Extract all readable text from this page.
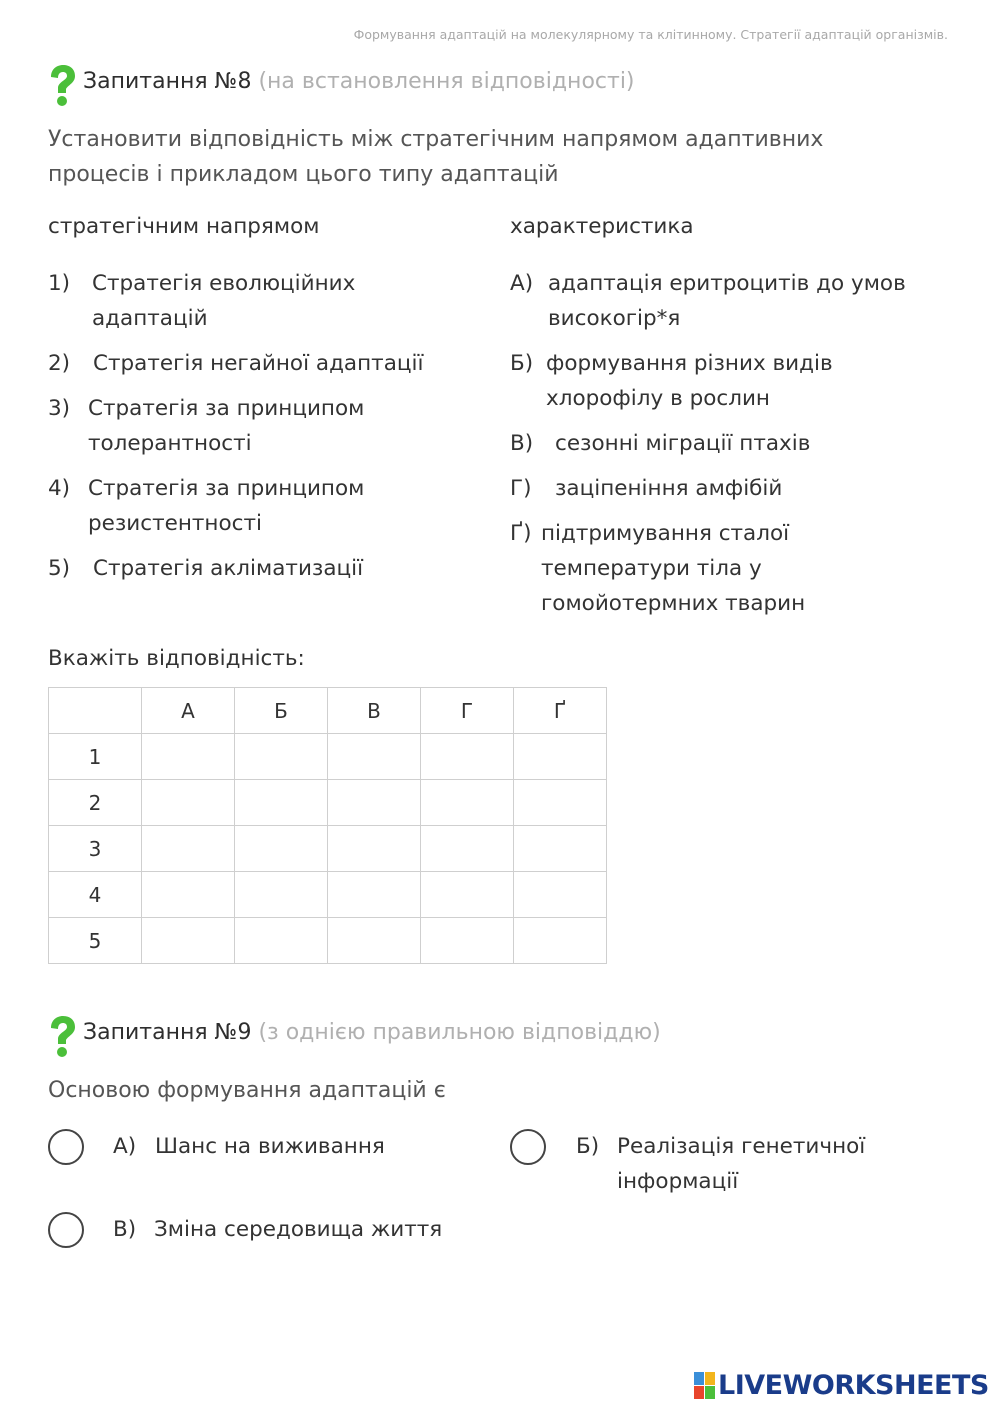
Формування адаптацій на молекулярному та клітинному. Стратегії адаптацій організмів.
Запитання №8 (на встановлення відповідності)
Установити відповідність між стратегічним напрямом адаптивних
процесів і прикладом цього типу адаптацій
стратегічним напрямом	характеристика
1)	Стратегія еволюційних
адаптацій
2)	Стратегія негайної адаптації
3) Стратегія за принципом
толерантності
4) Стратегія за принципом
резистентності
5)	Стратегія акліматизації
А) адаптація еритроцитів до умов
високогір*я
Б) формування різних видів
хлорофілу в рослин
В)	сезонні міграції птахів
Г)	заціпеніння амфібій
Ґ) підтримування сталої
температури тіла у
гомойотермних тварин
Вкажіть відповідність:
	А	Б	В	Г	Ґ
1					
2					
3					
4					
5					
Запитання №9 (з однією правильною відповіддю)
Основою формування адаптацій є
А) Шанс на виживання	Б) Реалізація генетичної
інформації
В) Зміна середовища життя
LIVEWORKSHEETS
